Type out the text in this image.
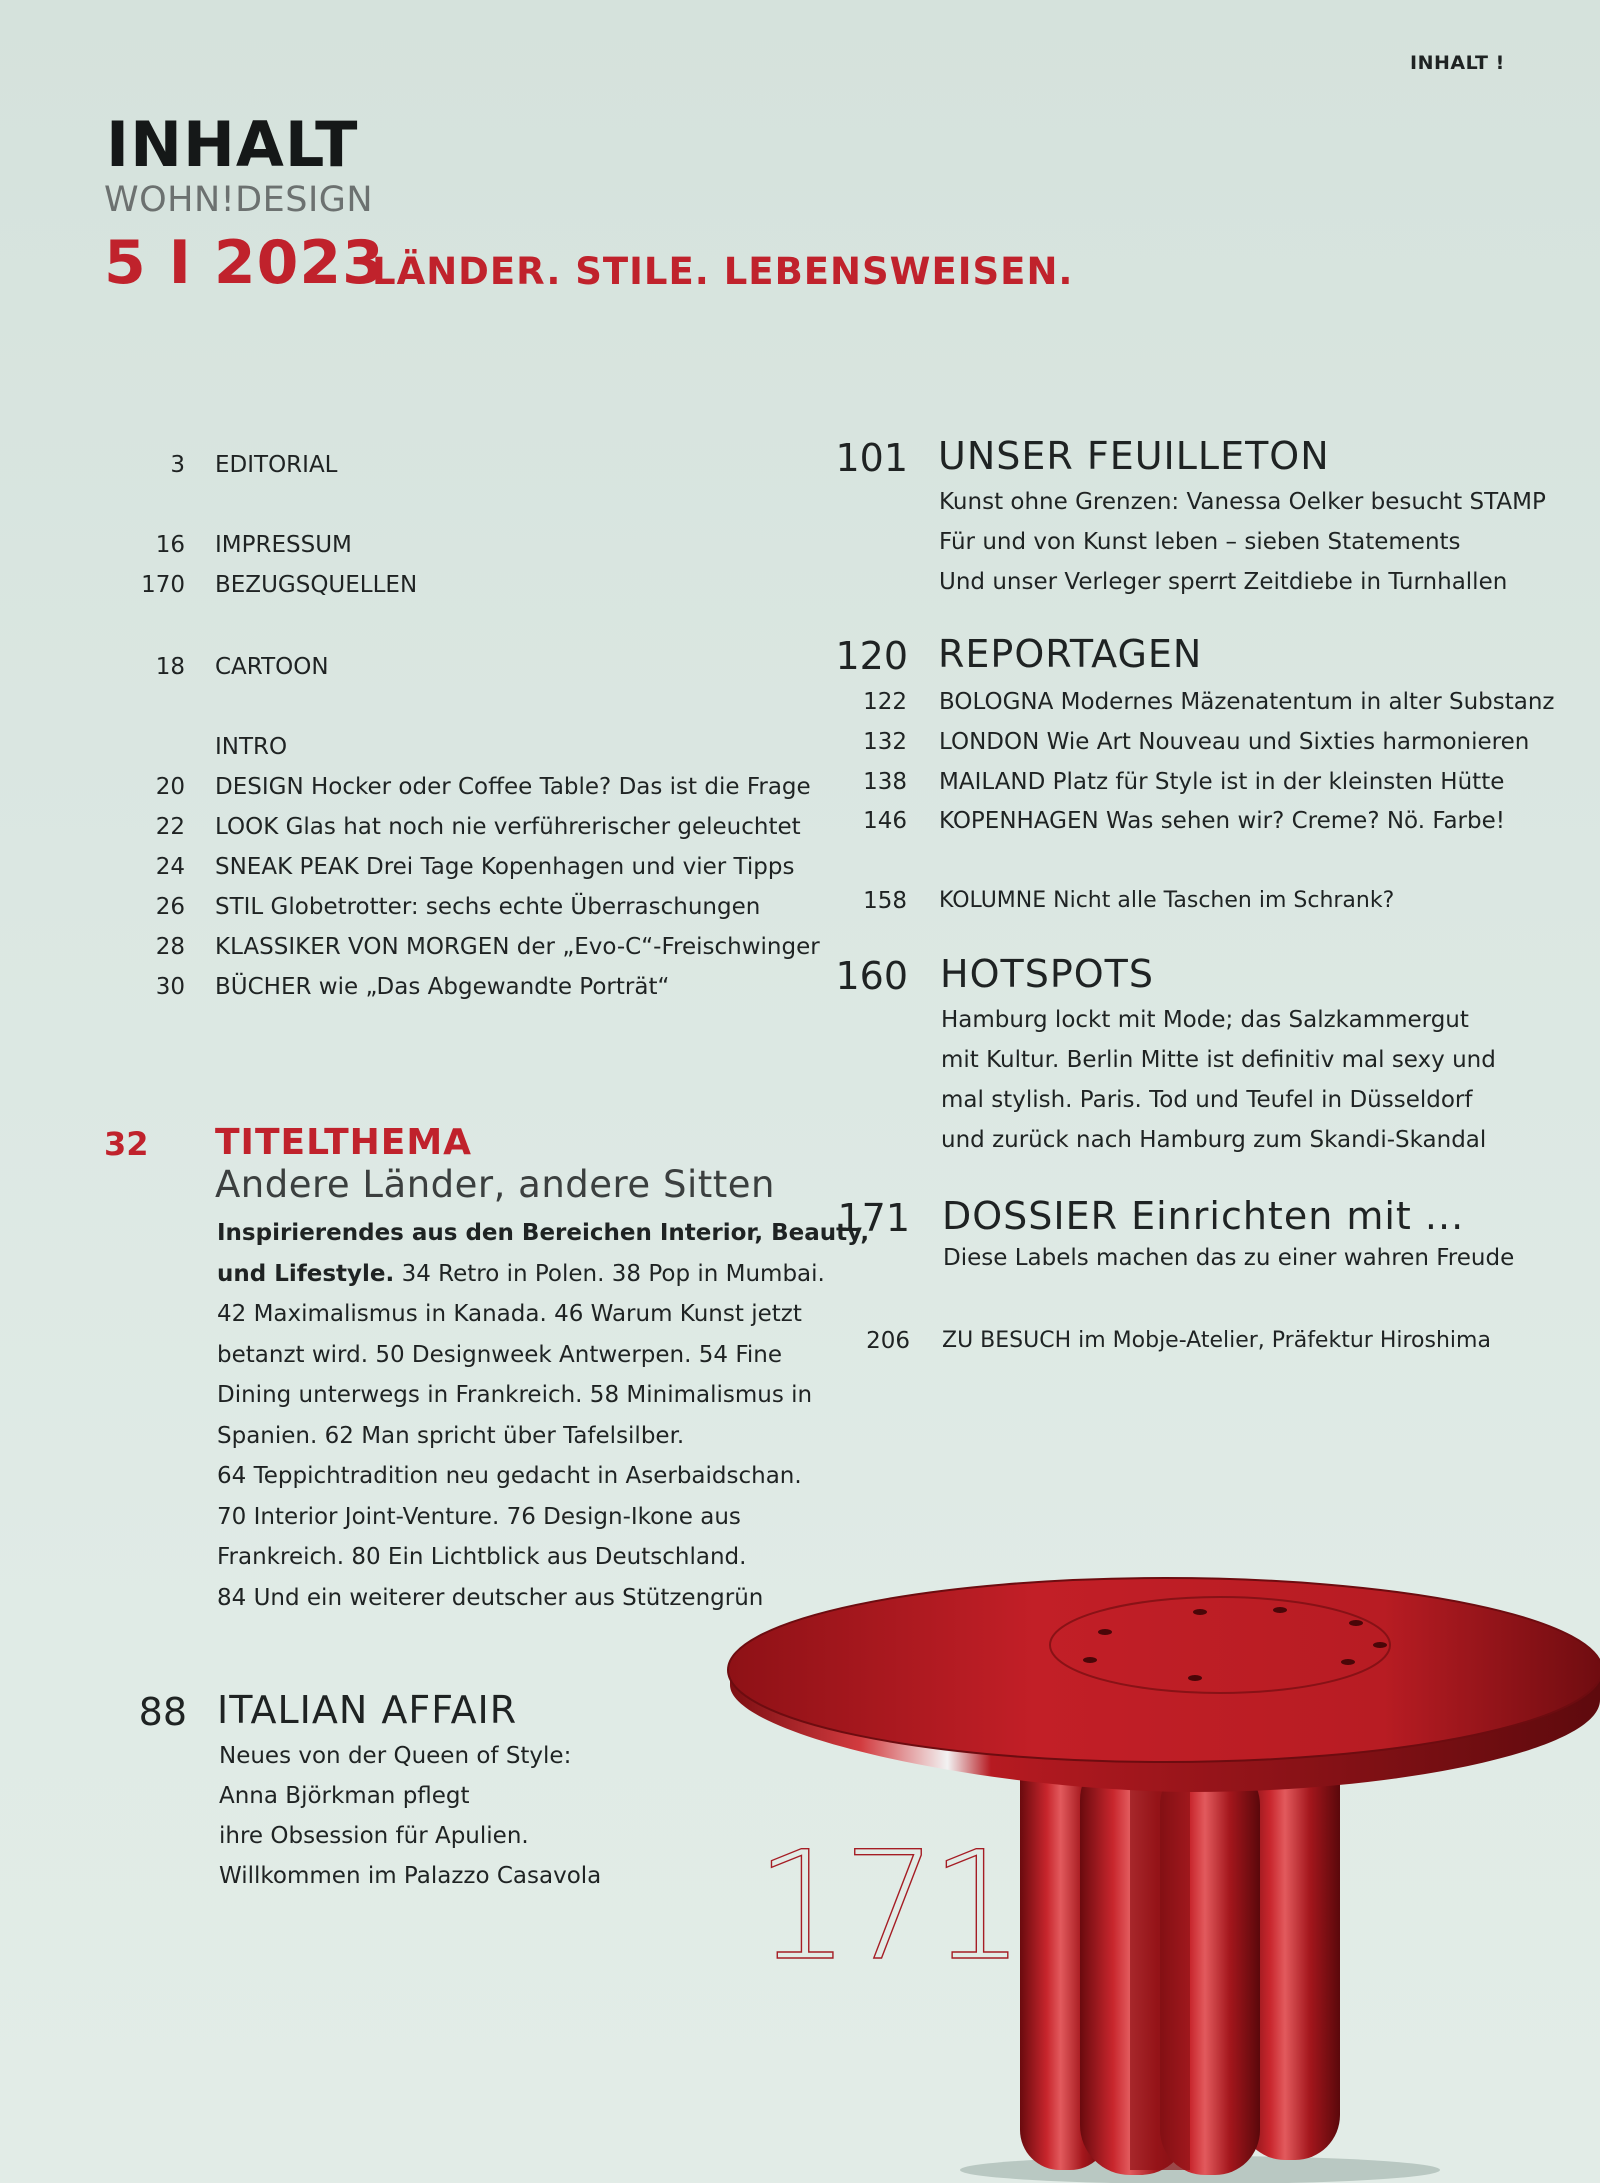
INHALT !
INHALT
WOHN!DESIGN
5 I 2023
LÄNDER. STILE. LEBENSWEISEN.
3 EDITORIAL
16 IMPRESSUM
170 BEZUGSQUELLEN
18 CARTOON
INTRO
20 DESIGN Hocker oder Coffee Table? Das ist die Frage
22 LOOK Glas hat noch nie verführerischer geleuchtet
24 SNEAK PEAK Drei Tage Kopenhagen und vier Tipps
26 STIL Globetrotter: sechs echte Überraschungen
28 KLASSIKER VON MORGEN der „Evo-C“-Freischwinger
30 BÜCHER wie „Das Abgewandte Porträt“
32 TITELTHEMA
Andere Länder, andere Sitten
Inspirierendes aus den Bereichen Interior, Beauty,
und Lifestyle. 34 Retro in Polen. 38 Pop in Mumbai.
42 Maximalismus in Kanada. 46 Warum Kunst jetzt
betanzt wird. 50 Designweek Antwerpen. 54 Fine
Dining unterwegs in Frankreich. 58 Minimalismus in
Spanien. 62 Man spricht über Tafelsilber.
64 Teppichtradition neu gedacht in Aserbaidschan.
70 Interior Joint-Venture. 76 Design-Ikone aus
Frankreich. 80 Ein Lichtblick aus Deutschland.
84 Und ein weiterer deutscher aus Stützengrün
88 ITALIAN AFFAIR
Neues von der Queen of Style:
Anna Björkman pflegt
ihre Obsession für Apulien.
Willkommen im Palazzo Casavola
101 UNSER FEUILLETON
Kunst ohne Grenzen: Vanessa Oelker besucht STAMP
Für und von Kunst leben – sieben Statements
Und unser Verleger sperrt Zeitdiebe in Turnhallen
120 REPORTAGEN
122 BOLOGNA Modernes Mäzenatentum in alter Substanz
132 LONDON Wie Art Nouveau und Sixties harmonieren
138 MAILAND Platz für Style ist in der kleinsten Hütte
146 KOPENHAGEN Was sehen wir? Creme? Nö. Farbe!
158 KOLUMNE Nicht alle Taschen im Schrank?
160 HOTSPOTS
Hamburg lockt mit Mode; das Salzkammergut
mit Kultur. Berlin Mitte ist definitiv mal sexy und
mal stylish. Paris. Tod und Teufel in Düsseldorf
und zurück nach Hamburg zum Skandi-Skandal
171 DOSSIER Einrichten mit ...
Diese Labels machen das zu einer wahren Freude
206 ZU BESUCH im Mobje-Atelier, Präfektur Hiroshima
171
